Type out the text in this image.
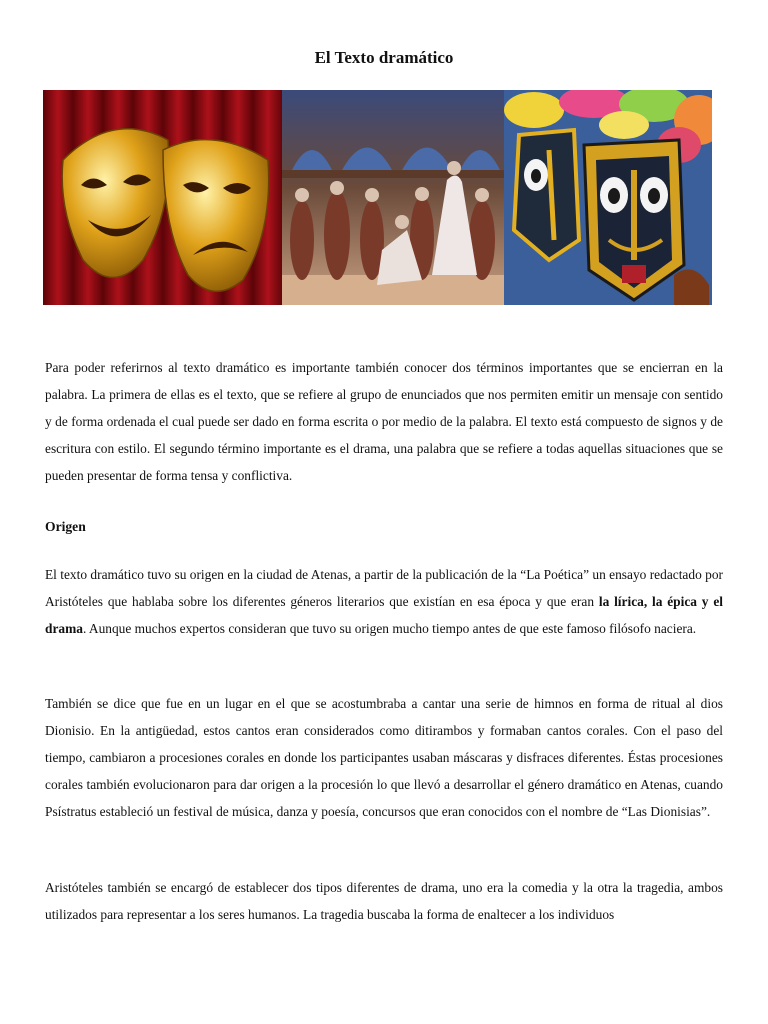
El Texto dramático

Para poder referirnos al texto dramático es importante también conocer dos términos importantes que se encierran en la palabra. La primera de ellas es el texto, que se refiere al grupo de enunciados que nos permiten emitir un mensaje con sentido y de forma ordenada el cual puede ser dado en forma escrita o por medio de la palabra. El texto está compuesto de signos y de escritura con estilo. El segundo término importante es el drama, una palabra que se refiere a todas aquellas situaciones que se pueden presentar de forma tensa y conflictiva.

Origen

El texto dramático tuvo su origen en la ciudad de Atenas, a partir de la publicación de la “La Poética” un ensayo redactado por Aristóteles que hablaba sobre los diferentes géneros literarios que existían en esa época y que eran la lírica, la épica y el drama. Aunque muchos expertos consideran que tuvo su origen mucho tiempo antes de que este famoso filósofo naciera.

También se dice que fue en un lugar en el que se acostumbraba a cantar una serie de himnos en forma de ritual al dios Dionisio. En la antigüedad, estos cantos eran considerados como ditirambos y formaban cantos corales. Con el paso del tiempo, cambiaron a procesiones corales en donde los participantes usaban máscaras y disfraces diferentes. Éstas procesiones corales también evolucionaron para dar origen a la procesión lo que llevó a desarrollar el género dramático en Atenas, cuando Psístratus estableció un festival de música, danza y poesía, concursos que eran conocidos con el nombre de “Las Dionisias”.

Aristóteles también se encargó de establecer dos tipos diferentes de drama, uno era la comedia y la otra la tragedia, ambos utilizados para representar a los seres humanos. La tragedia buscaba la forma de enaltecer a los individuos
